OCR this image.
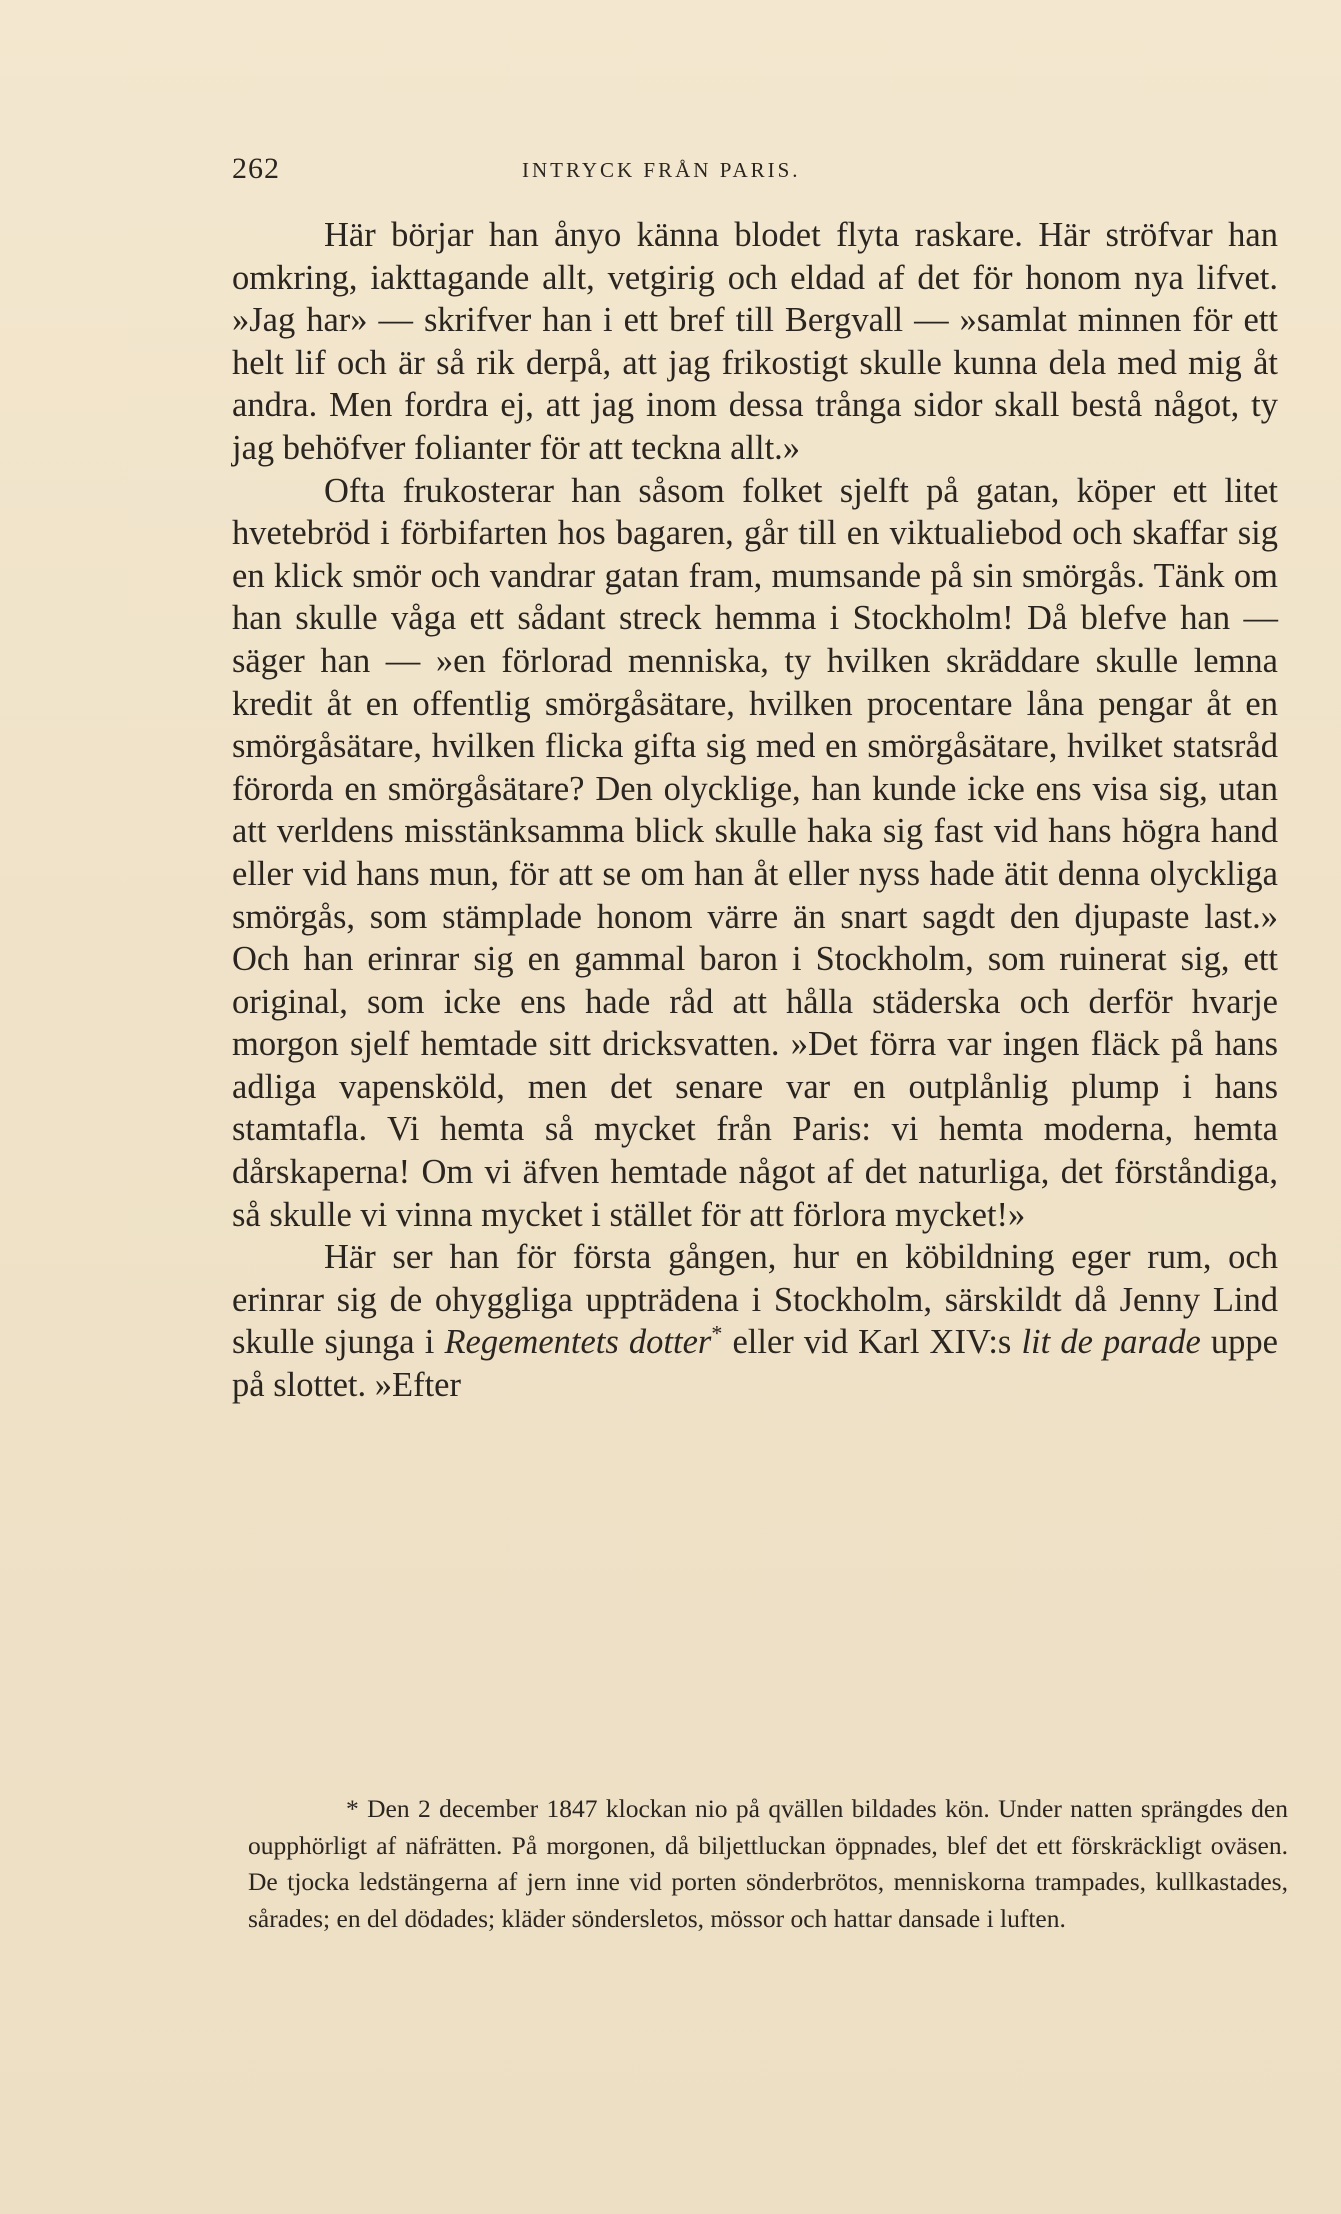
262	INTRYCK FRÅN PARIS.

Här börjar han ånyo känna blodet flyta raskare. Här ströfvar han omkring, iakttagande allt, vetgirig och eldad af det för honom nya lifvet. »Jag har» — skrifver han i ett bref till Bergvall — »samlat minnen för ett helt lif och är så rik derpå, att jag frikostigt skulle kunna dela med mig åt andra. Men fordra ej, att jag inom dessa trånga sidor skall bestå något, ty jag behöfver folianter för att teckna allt.»

Ofta frukosterar han såsom folket sjelft på gatan, köper ett litet hvetebröd i förbifarten hos bagaren, går till en viktualiebod och skaffar sig en klick smör och vandrar gatan fram, mumsande på sin smörgås. Tänk om han skulle våga ett sådant streck hemma i Stockholm! Då blefve han — säger han — »en förlorad menniska, ty hvilken skräddare skulle lemna kredit åt en offentlig smörgåsätare, hvilken procentare låna pengar åt en smörgåsätare, hvilken flicka gifta sig med en smörgåsätare, hvilket statsråd förorda en smörgåsätare? Den olycklige, han kunde icke ens visa sig, utan att verldens misstänksamma blick skulle haka sig fast vid hans högra hand eller vid hans mun, för att se om han åt eller nyss hade ätit denna olyckliga smörgås, som stämplade honom värre än snart sagdt den djupaste last.» Och han erinrar sig en gammal baron i Stockholm, som ruinerat sig, ett original, som icke ens hade råd att hålla städerska och derför hvarje morgon sjelf hemtade sitt dricksvatten. »Det förra var ingen fläck på hans adliga vapensköld, men det senare var en outplånlig plump i hans stamtafla. Vi hemta så mycket från Paris: vi hemta moderna, hemta dårskaperna! Om vi äfven hemtade något af det naturliga, det förståndiga, så skulle vi vinna mycket i stället för att förlora mycket!»

Här ser han för första gången, hur en köbildning eger rum, och erinrar sig de ohyggliga uppträdena i Stockholm, särskildt då Jenny Lind skulle sjunga i Regementets dotter* eller vid Karl XIV:s lit de parade uppe på slottet. »Efter

* Den 2 december 1847 klockan nio på qvällen bildades kön. Under natten sprängdes den oupphörligt af näfrätten. På morgonen, då biljettluckan öppnades, blef det ett förskräckligt oväsen. De tjocka ledstängerna af jern inne vid porten sönderbrötos, menniskorna trampades, kullkastades, sårades; en del dödades; kläder söndersletos, mössor och hattar dansade i luften.
